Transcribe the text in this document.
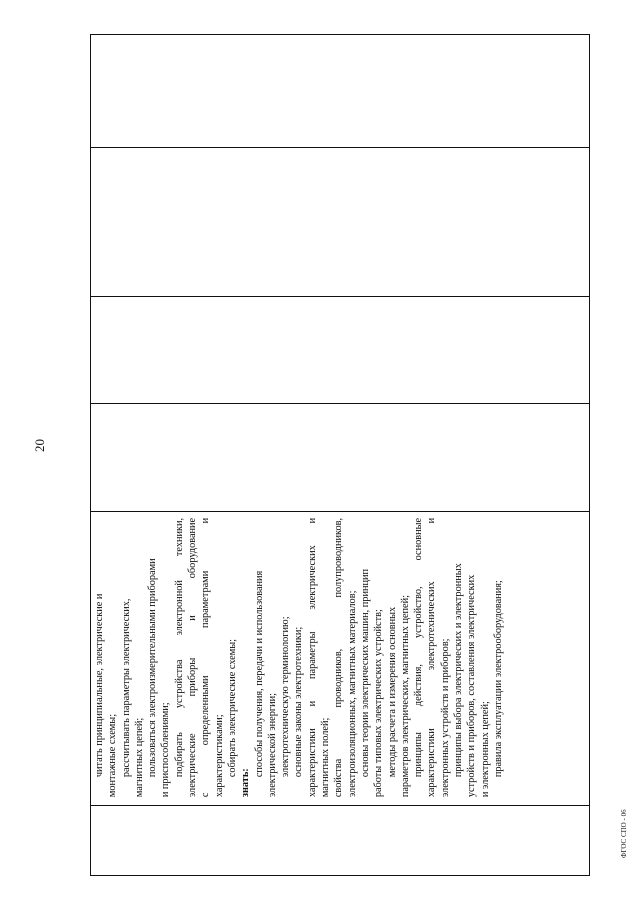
20
читать принципиальные, электрические и монтажные схемы; рассчитывать параметры электрических, магнитных цепей; пользоваться электроизмерительными приборами и приспособлениями; подбирать
устройства
электронной
техники,
электрические
приборы
и
оборудование
с
определенными
параметрами
и
характеристиками; собирать электрические схемы;
знать:
способы получения, передачи и использования электрической энергии; электротехническую терминологию; основные законы электротехники; характеристики
и
параметры
электрических
и
магнитных полей; свойства
проводников,
полупроводников,
электроизоляционных, магнитных материалов; основы теории электрических машин, принцип работы типовых электрических устройств; методы расчета и измерения основных параметров электрических, магнитных цепей; принципы
действия,
устройство,
основные
характеристики
электротехнических
и
электронных устройств и приборов; принципы выбора электрических и электронных устройств и приборов, составления электрических и электронных цепей; правила эксплуатации электрооборудования;
ФГОС СПО - 06
